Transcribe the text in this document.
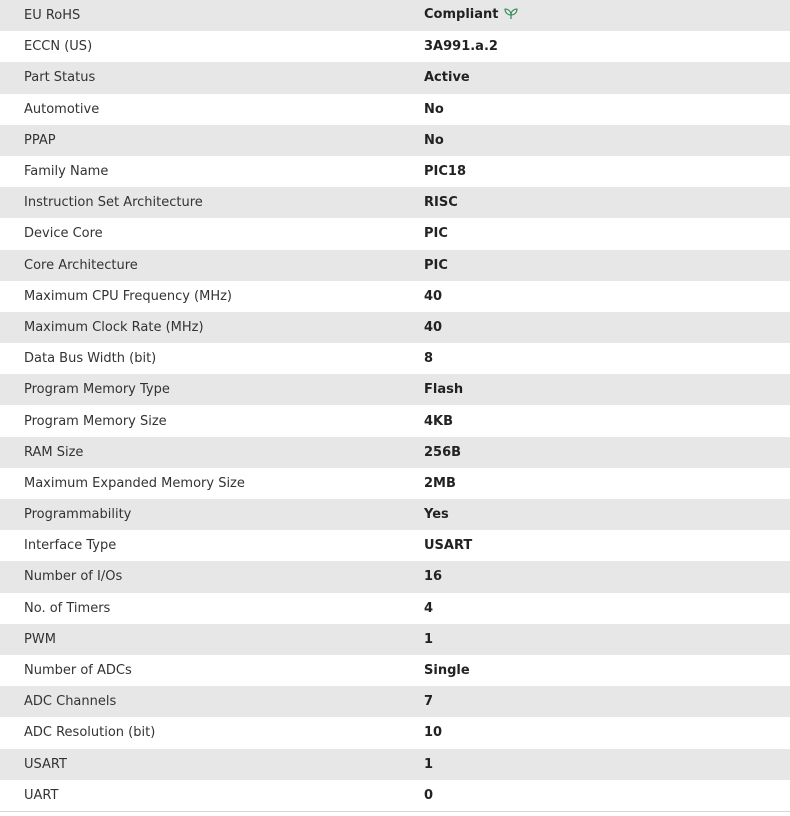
EU RoHS	Compliant
ECCN (US)	3A991.a.2
Part Status	Active
Automotive	No
PPAP	No
Family Name	PIC18
Instruction Set Architecture	RISC
Device Core	PIC
Core Architecture	PIC
Maximum CPU Frequency (MHz)	40
Maximum Clock Rate (MHz)	40
Data Bus Width (bit)	8
Program Memory Type	Flash
Program Memory Size	4KB
RAM Size	256B
Maximum Expanded Memory Size	2MB
Programmability	Yes
Interface Type	USART
Number of I/Os	16
No. of Timers	4
PWM	1
Number of ADCs	Single
ADC Channels	7
ADC Resolution (bit)	10
USART	1
UART	0
